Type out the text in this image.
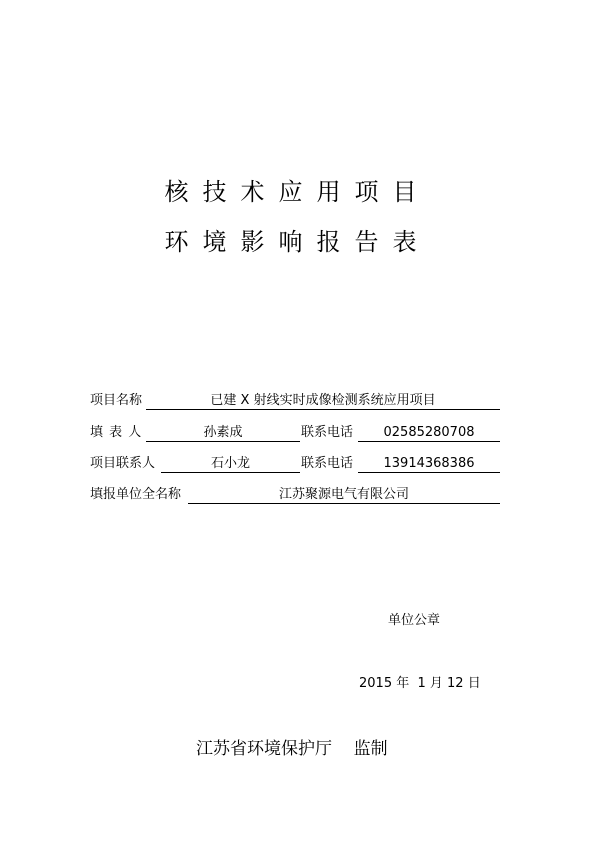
核技术应用项目
环境影响报告表
项目名称	已建 X 射线实时成像检测系统应用项目
填 表 人	孙素成	联系电话	02585280708
项目联系人	石小龙	联系电话	13914368386
填报单位全名称	江苏聚源电气有限公司
单位公章
2015 年  1 月 12 日
江苏省环境保护厅    监制
